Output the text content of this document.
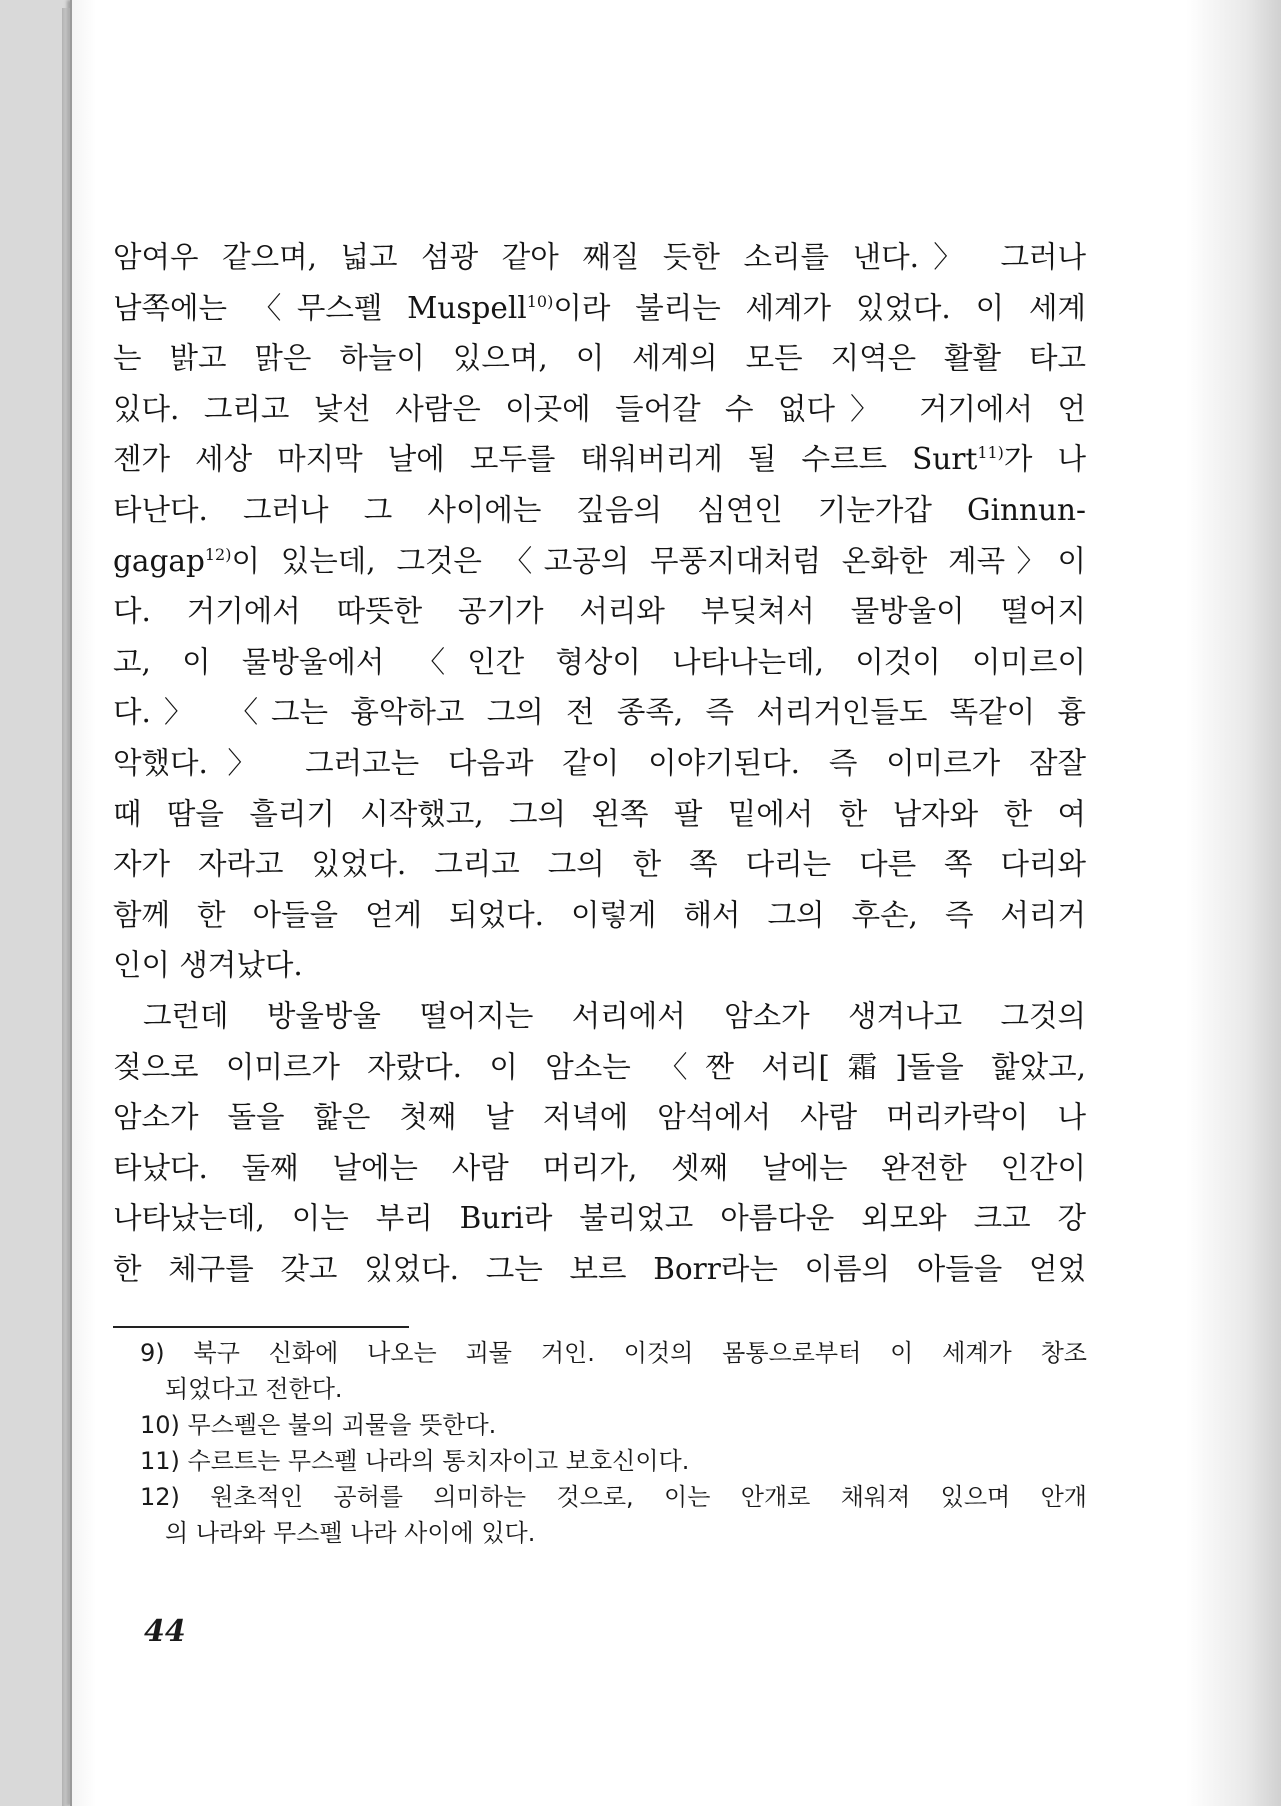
암여우 같으며, 넓고 섬광 같아 째질 듯한 소리를 낸다.〉 그러나
남쪽에는 〈무스펠 Muspell$^{10)}$이라 불리는 세계가 있었다. 이 세계
는 밝고 맑은 하늘이 있으며, 이 세계의 모든 지역은 활활 타고
있다. 그리고 낯선 사람은 이곳에 들어갈 수 없다〉 거기에서 언
젠가 세상 마지막 날에 모두를 태워버리게 될 수르트 Surt$^{11)}$가 나
타난다. 그러나 그 사이에는 깊음의 심연인 기눈가갑 Ginnun-
gagap$^{12)}$이 있는데, 그것은 〈고공의 무풍지대처럼 온화한 계곡〉이
다. 거기에서 따뜻한 공기가 서리와 부딪쳐서 물방울이 떨어지
고, 이 물방울에서 〈인간 형상이 나타나는데, 이것이 이미르이
다.〉 〈그는 흉악하고 그의 전 종족, 즉 서리거인들도 똑같이 흉
악했다.〉 그러고는 다음과 같이 이야기된다. 즉 이미르가 잠잘
때 땀을 흘리기 시작했고, 그의 왼쪽 팔 밑에서 한 남자와 한 여
자가 자라고 있었다. 그리고 그의 한 쪽 다리는 다른 쪽 다리와
함께 한 아들을 얻게 되었다. 이렇게 해서 그의 후손, 즉 서리거
인이 생겨났다.
그런데 방울방울 떨어지는 서리에서 암소가 생겨나고 그것의
젖으로 이미르가 자랐다. 이 암소는 〈짠 서리[霜]돌을 핥았고,
암소가 돌을 핥은 첫째 날 저녁에 암석에서 사람 머리카락이 나
타났다. 둘째 날에는 사람 머리가, 셋째 날에는 완전한 인간이
나타났는데, 이는 부리 Buri라 불리었고 아름다운 외모와 크고 강
한 체구를 갖고 있었다. 그는 보르 Borr라는 이름의 아들을 얻었
9) 북구 신화에 나오는 괴물 거인. 이것의 몸통으로부터 이 세계가 창조
되었다고 전한다.
10) 무스펠은 불의 괴물을 뜻한다.
11) 수르트는 무스펠 나라의 통치자이고 보호신이다.
12) 원초적인 공허를 의미하는 것으로, 이는 안개로 채워져 있으며 안개
의 나라와 무스펠 나라 사이에 있다.
44
